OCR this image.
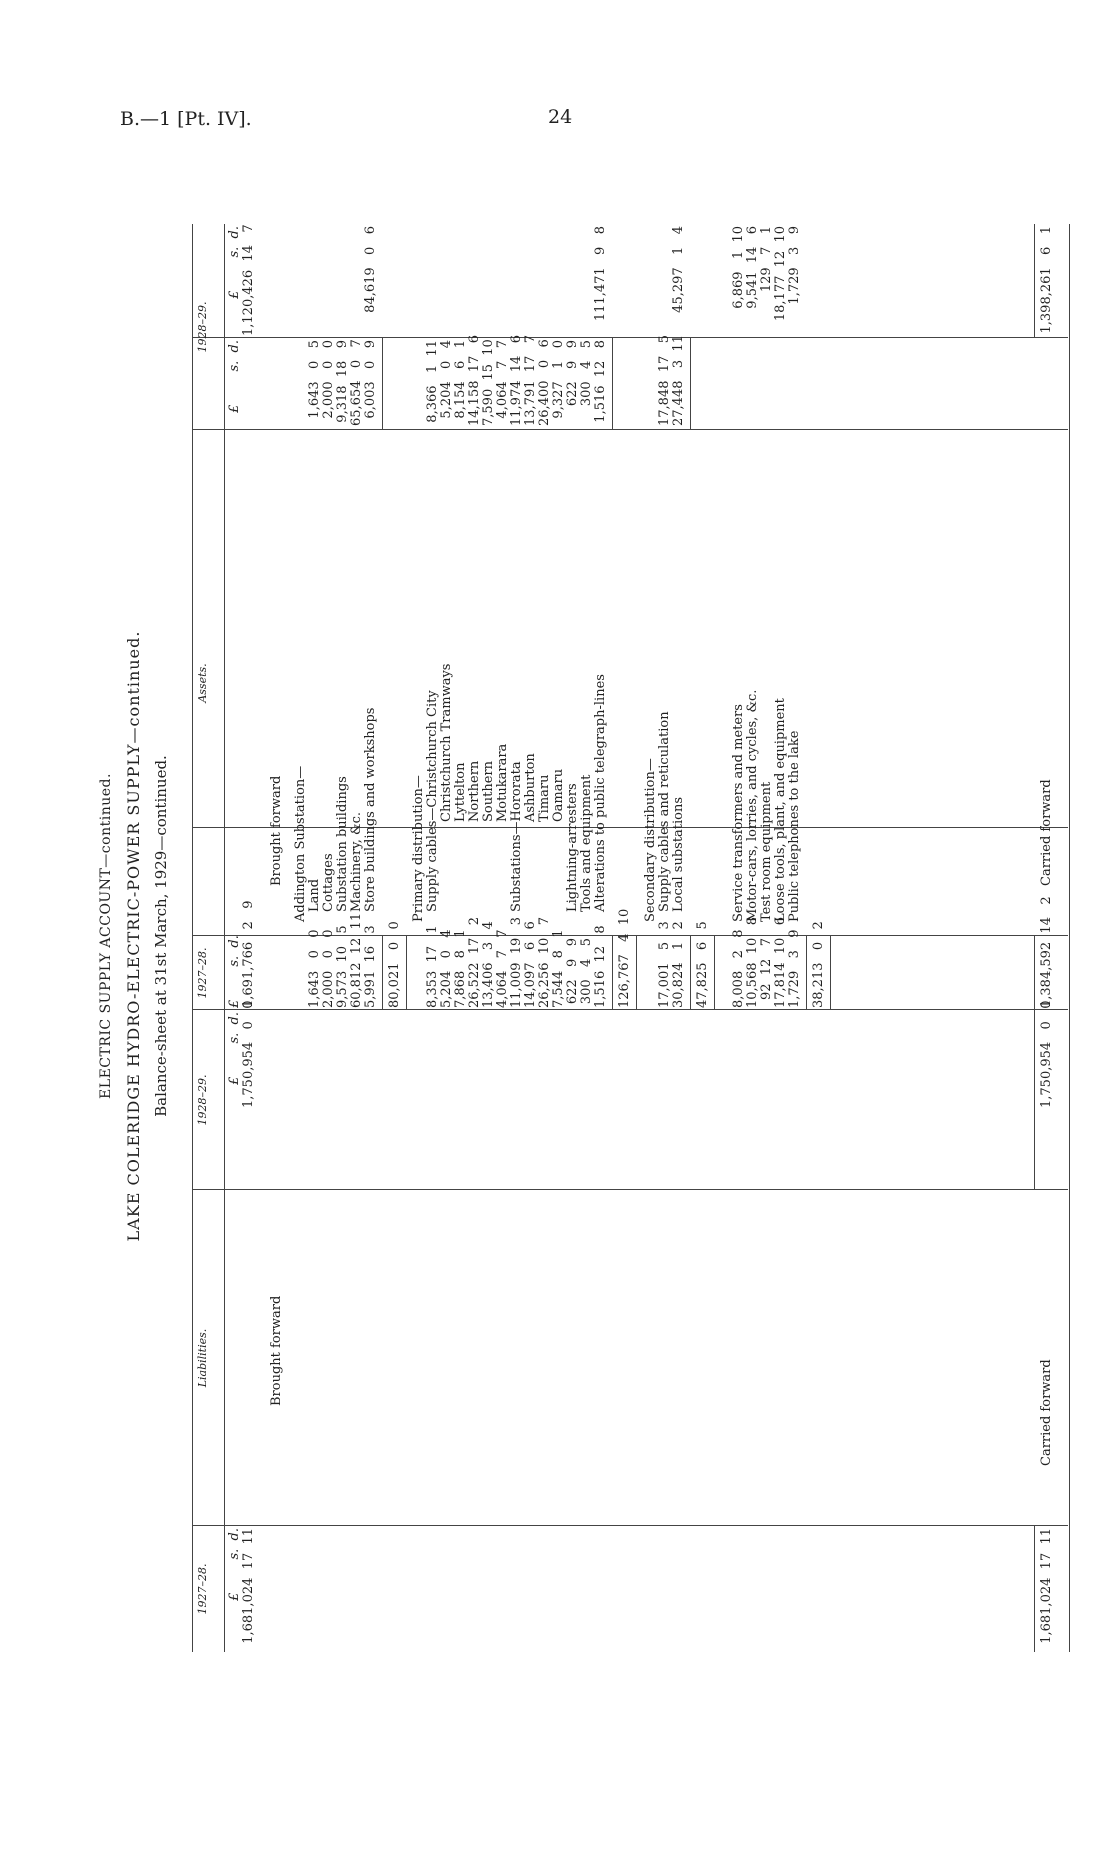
B.—1 [Pt. IV].	24
ELECTRIC SUPPLY ACCOUNT—continued. LAKE COLERIDGE HYDRO-ELECTRIC-POWER SUPPLY—continued. Balance-sheet at 31st March, 1929—continued.
1927–28.
Liabilities.
1928–29.
1927–28.
Assets.
1928–29.
£        s.  d.
£        s.  d.
£        s.  d.
£        s.  d.
£        s.  d.
1,681,024  17  11
Brought forward
1,750,954   0   0
1,681,024  17  11
Carried forward
1,750,954   0   0
1,691,766   2   9
Brought forward
1,120,426  14   7
Addington Substation— Land
1,643   0   0
1,643   0   5
Cottages
2,000   0   0
2,000   0   0
Substation buildings
9,573  10   5
9,318  18   9
Machinery, &c.
60,812  12  11
65,654   0   7
Store buildings and workshops
5,991  16   3
6,003   0   9
80,021   0   0
84,619   0   6
Primary distribution— Supply cables—Christchurch City
8,353  17   1
8,366   1  11
Christchurch Tramways
5,204   0   4
5,204   0   4
Lyttelton
7,868   8   1
8,154   6   1
Northern
26,522  17   2
14,158  17   6
Southern
13,406   3   4
7,590  15  10
Motukarara
4,064   7   7
4,064   7   7
Substations—Hororata
11,009  19   3
11,974  14   6
Ashburton
14,097   6   6
13,791  17   7
Timaru
26,256  10   7
26,400   0   6
Oamaru
7,544   8   1
9,327   1   0
Lightning-arresters
622   9   9
622   9   9
Tools and equipment
300   4   5
300   4   5
Alterations to public telegraph-lines
1,516  12   8
1,516  12   8
126,767   4  10
111,471   9   8
Secondary distribution— Supply cables and reticulation
17,001   5   3
17,848  17   5
Local substations
30,824   1   2
27,448   3  11
47,825   6   5
45,297   1   4
Service transformers and meters
8,008   2   8
6,869   1  10
Motor-cars, lorries, and cycles, &c.
10,568  10   8
9,541  14   6
Test room equipment
92  12   7
129   7   1
Loose tools, plant, and equipment
17,814  10   6
18,177  12  10
Public telephones to the lake
1,729   3   9
1,729   3   9
38,213   0   2	1,384,592  14   2
Carried forward
1,398,261   6   1
